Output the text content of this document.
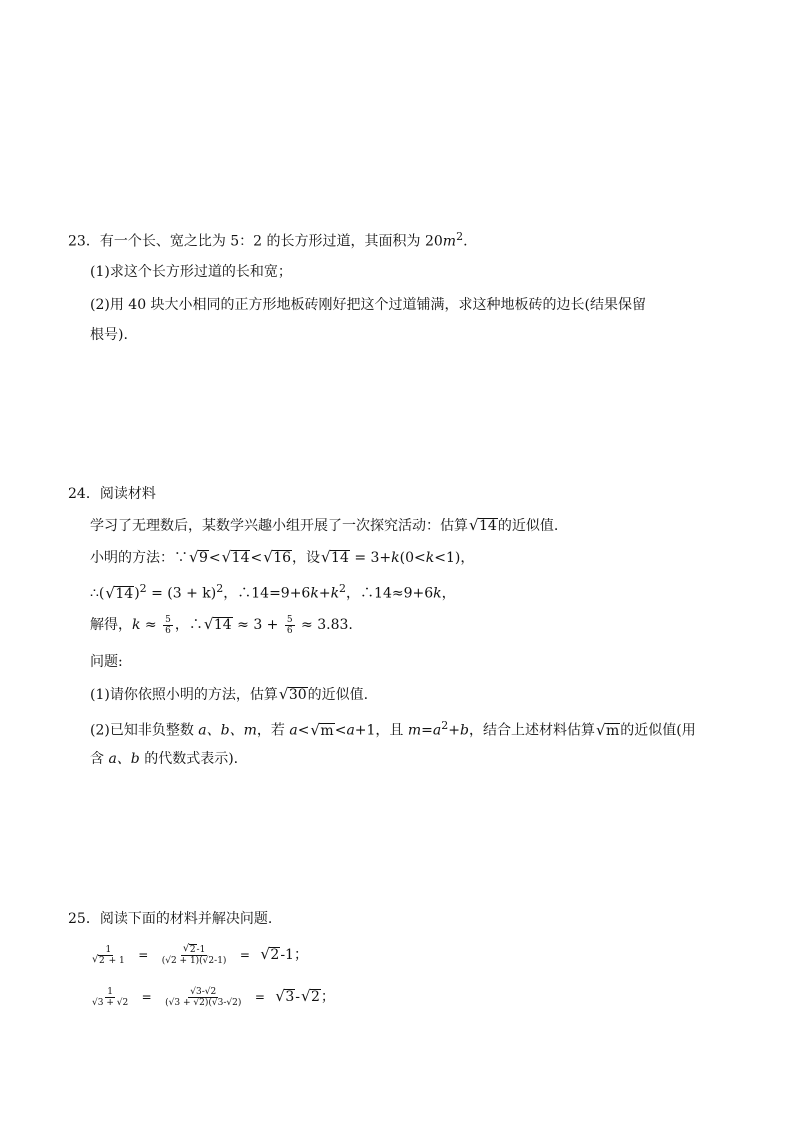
23．有一个长、宽之比为 5：2 的长方形过道，其面积为 $20m^2$.
(1)求这个长方形过道的长和宽；
(2)用 40 块大小相同的正方形地板砖刚好把这个过道铺满，求这种地板砖的边长(结果保留
根号).
24．阅读材料
学习了无理数后，某数学兴趣小组开展了一次探究活动：估算 √ 14的近似值.
小明的方法：∵ √ 9< √ 14< √ 16，设 √ 14 = 3+k(0<k<1)，
∴( √ $14)^2 = (3 + k)^2$，$\therefore 14=9+6k+k^2$，∴14≈9+6k，
解得，$k \approx \frac{5}{6}$ ，∴ √ $14 \approx 3 + \frac{5}{6} \approx 3.83$.
问题:
(1)请你依照小明的方法，估算 √ 30的近似值.
(2)已知非负整数 a、b、m，若 a< √ m<a+1，且 $m=a^2+b$，结合上述材料估算 √ m的近似值(用
含 a、b 的代数式表示).
25．阅读下面的材料并解决问题.
1
√ 2 + 1 = √ $\frac{2-1}{(√2 + 1)(√2-1)}$ = √ 2-1；
$\frac{1}{√3 + √2} = \frac{√3-√2}{(√3 + √2)(√3-√2)}$ = √ 3- √ 2；
